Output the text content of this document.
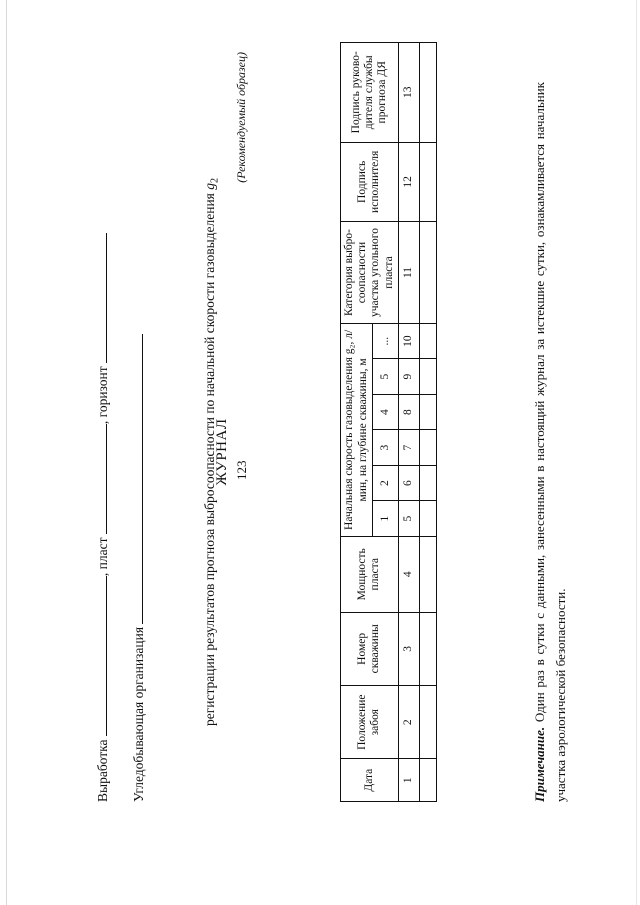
123
(Рекомендуемый образец)
ЖУРНАЛ
регистрации результатов прогноза выбросоопасности по начальной скорости газовыделения $g_2$
Угледобывающая организация
Выработка , пласт , горизонт
Дата	Положение забоя	Номер скважины	Мощность пласта	Начальная скорость газовыделения g₂, л/мин, на глубине скважины, м						Категория выбро-соопасности участка угольного пласта	Подпись исполнителя	Подпись руково-дителя службы прогноза ДЯ
				1	2	3	4	5	...			
1	2	3	4	5	6	7	8	9	10	11	12	13

Примечание. Один раз в сутки с данными, занесенными в настоящий журнал за истекшие сутки, ознакамливается начальник участка аэрологической безопасности.
